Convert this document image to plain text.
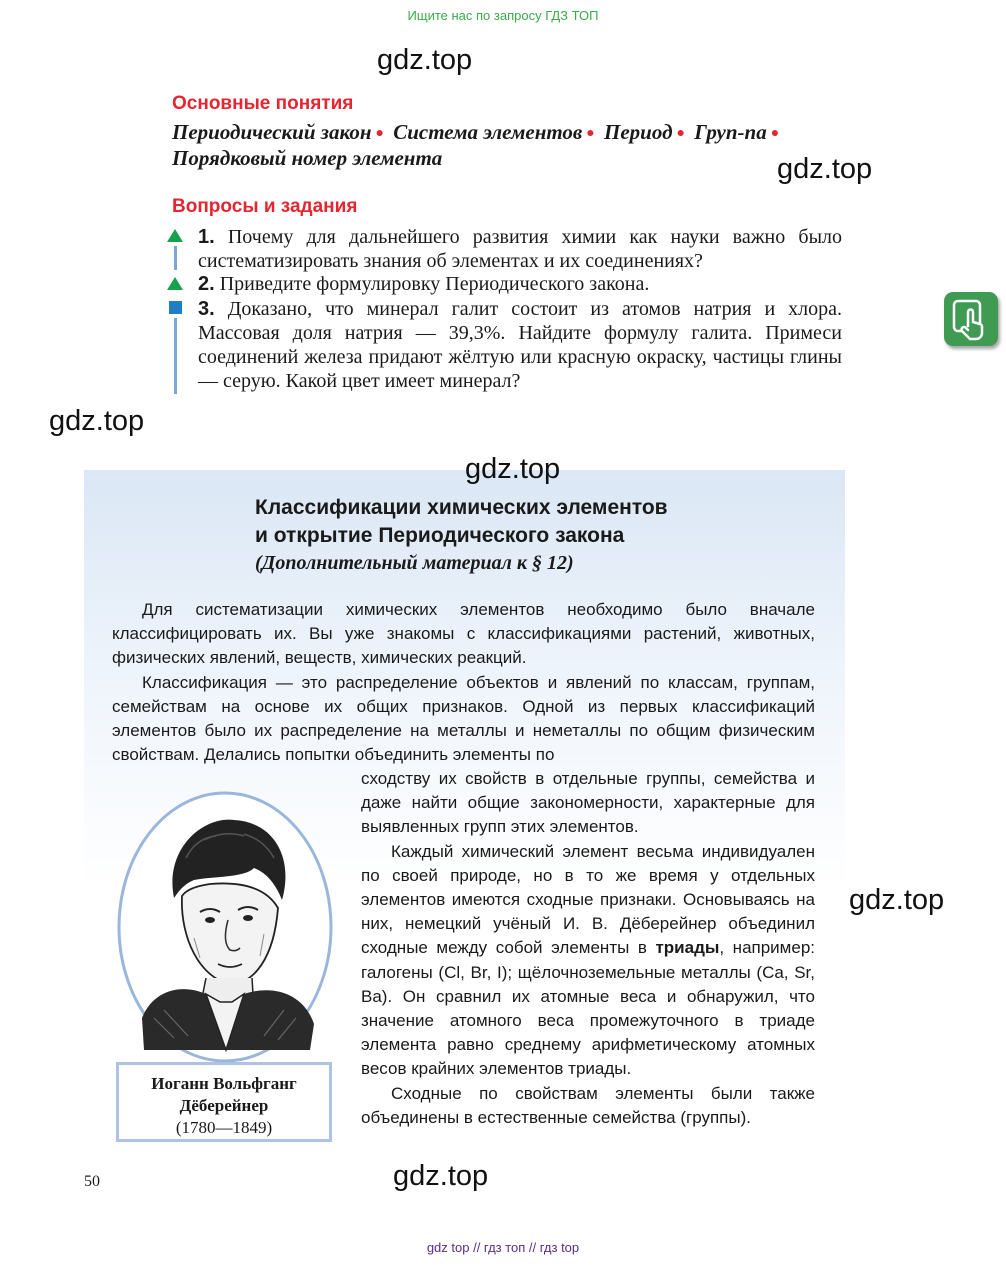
Ищите нас по запросу ГДЗ ТОП
gdz.top
Основные понятия
Периодический закон ● Система элементов ● Период ● Груп-па ● Порядковый номер элемента	gdz.top
Вопросы и задания
1. Почему для дальнейшего развития химии как науки важно было систематизировать знания об элементах и их соединениях?
2. Приведите формулировку Периодического закона.
3. Доказано, что минерал галит состоит из атомов натрия и хлора. Массовая доля натрия — 39,3%. Найдите формулу галита. Примеси соединений железа придают жёлтую или красную окраску, частицы глины — серую. Какой цвет имеет минерал?
gdz.top
gdz.top
Классификации химических элементов
и открытие Периодического закона
(Дополнительный материал к § 12)

Для систематизации химических элементов необходимо было вначале классифицировать их. Вы уже знакомы с классификациями растений, животных, физических явлений, веществ, химических реакций.

Классификация — это распределение объектов и явлений по классам, группам, семействам на основе их общих признаков. Одной из первых классификаций элементов было их распределение на металлы и неметаллы по общим физическим свойствам. Делались попытки объединить элементы по

сходству их свойств в отдельные группы, семейства и даже найти общие закономерности, характерные для выявленных групп этих элементов.

Каждый химический элемент весьма индивидуален по своей природе, но в то же время у отдельных элементов имеются сходные признаки. Основываясь на них, немецкий учёный И. В. Дёберейнер объединил сходные между собой элементы в триады, например: галогены (Cl, Br, I); щёлочноземельные металлы (Ca, Sr, Ba). Он сравнил их атомные веса и обнаружил, что значение атомного веса промежуточного в триаде элемента равно среднему арифметическому атомных весов крайних элементов триады.

Сходные по свойствам элементы были также объединены в естественные семейства (группы).

Иоганн Вольфганг
Дёберейнер
(1780—1849)
gdz.top
50	gdz.top
gdz top // гдз топ // гдз top
